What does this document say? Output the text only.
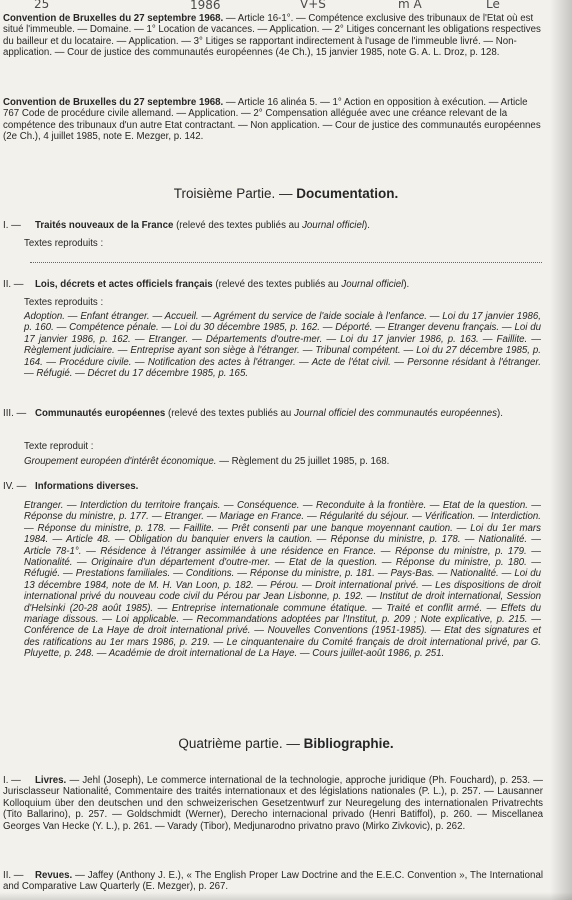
25	1986	V+S	m A	Le
Convention de Bruxelles du 27 septembre 1968. — Article 16-1°. — Compétence exclusive des tribunaux de l'Etat où est situé l'immeuble. — Domaine. — 1° Location de vacances. — Application. — 2° Litiges concernant les obligations respectives du bailleur et du locataire. — Application. — 3° Litiges se rapportant indirectement à l'usage de l'immeuble livré. — Non-application. — Cour de justice des communautés européennes (4e Ch.), 15 janvier 1985, note G. A. L. Droz, p. 128.
Convention de Bruxelles du 27 septembre 1968. — Article 16 alinéa 5. — 1° Action en opposition à exécution. — Article 767 Code de procédure civile allemand. — Application. — 2° Compensation alléguée avec une créance relevant de la compétence des tribunaux d'un autre Etat contractant. — Non application. — Cour de justice des communautés européennes (2e Ch.), 4 juillet 1985, note E. Mezger, p. 142.
Troisième Partie. — Documentation.
I. — Traités nouveaux de la France (relevé des textes publiés au Journal officiel).
Textes reproduits :
II. — Lois, décrets et actes officiels français (relevé des textes publiés au Journal officiel).
Textes reproduits :
Adoption. — Enfant étranger. — Accueil. — Agrément du service de l'aide sociale à l'enfance. — Loi du 17 janvier 1986, p. 160. — Compétence pénale. — Loi du 30 décembre 1985, p. 162. — Déporté. — Etranger devenu français. — Loi du 17 janvier 1986, p. 162. — Etranger. — Départements d'outre-mer. — Loi du 17 janvier 1986, p. 163. — Faillite. — Règlement judiciaire. — Entreprise ayant son siège à l'étranger. — Tribunal compétent. — Loi du 27 décembre 1985, p. 164. — Procédure civile. — Notification des actes à l'étranger. — Acte de l'état civil. — Personne résidant à l'étranger. — Réfugié. — Décret du 17 décembre 1985, p. 165.
III. — Communautés européennes (relevé des textes publiés au Journal officiel des communautés européennes).
Texte reproduit :
Groupement européen d'intérêt économique. — Règlement du 25 juillet 1985, p. 168.
IV. — Informations diverses.
Etranger. — Interdiction du territoire français. — Conséquence. — Reconduite à la frontière. — Etat de la question. — Réponse du ministre, p. 177. — Etranger. — Mariage en France. — Régularité du séjour. — Vérification. — Interdiction. — Réponse du ministre, p. 178. — Faillite. — Prêt consenti par une banque moyennant caution. — Loi du 1er mars 1984. — Article 48. — Obligation du banquier envers la caution. — Réponse du ministre, p. 178. — Nationalité. — Article 78-1°. — Résidence à l'étranger assimilée à une résidence en France. — Réponse du ministre, p. 179. — Nationalité. — Originaire d'un département d'outre-mer. — Etat de la question. — Réponse du ministre, p. 180. — Réfugié. — Prestations familiales. — Conditions. — Réponse du ministre, p. 181. — Pays-Bas. — Nationalité. — Loi du 13 décembre 1984, note de M. H. Van Loon, p. 182. — Pérou. — Droit international privé. — Les dispositions de droit international privé du nouveau code civil du Pérou par Jean Lisbonne, p. 192. — Institut de droit international, Session d'Helsinki (20-28 août 1985). — Entreprise internationale commune étatique. — Traité et conflit armé. — Effets du mariage dissous. — Loi applicable. — Recommandations adoptées par l'Institut, p. 209 ; Note explicative, p. 215. — Conférence de La Haye de droit international privé. — Nouvelles Conventions (1951-1985). — Etat des signatures et des ratifications au 1er mars 1986, p. 219. — Le cinquantenaire du Comité français de droit international privé, par G. Pluyette, p. 248. — Académie de droit international de La Haye. — Cours juillet-août 1986, p. 251.
Quatrième partie. — Bibliographie.
I. — Livres. — Jehl (Joseph), Le commerce international de la technologie, approche juridique (Ph. Fouchard), p. 253. — Jurisclasseur Nationalité, Commentaire des traités internationaux et des législations nationales (P. L.), p. 257. — Lausanner Kolloquium über den deutschen und den schweizerischen Gesetzentwurf zur Neuregelung des internationalen Privatrechts (Tito Ballarino), p. 257. — Goldschmidt (Werner), Derecho internacional privado (Henri Batiffol), p. 260. — Miscellanea Georges Van Hecke (Y. L.), p. 261. — Varady (Tibor), Medjunarodno privatno pravo (Mirko Zivkovic), p. 262.
II. — Revues. — Jaffey (Anthony J. E.), « The English Proper Law Doctrine and the E.E.C. Convention », The International and Comparative Law Quarterly (E. Mezger), p. 267.
